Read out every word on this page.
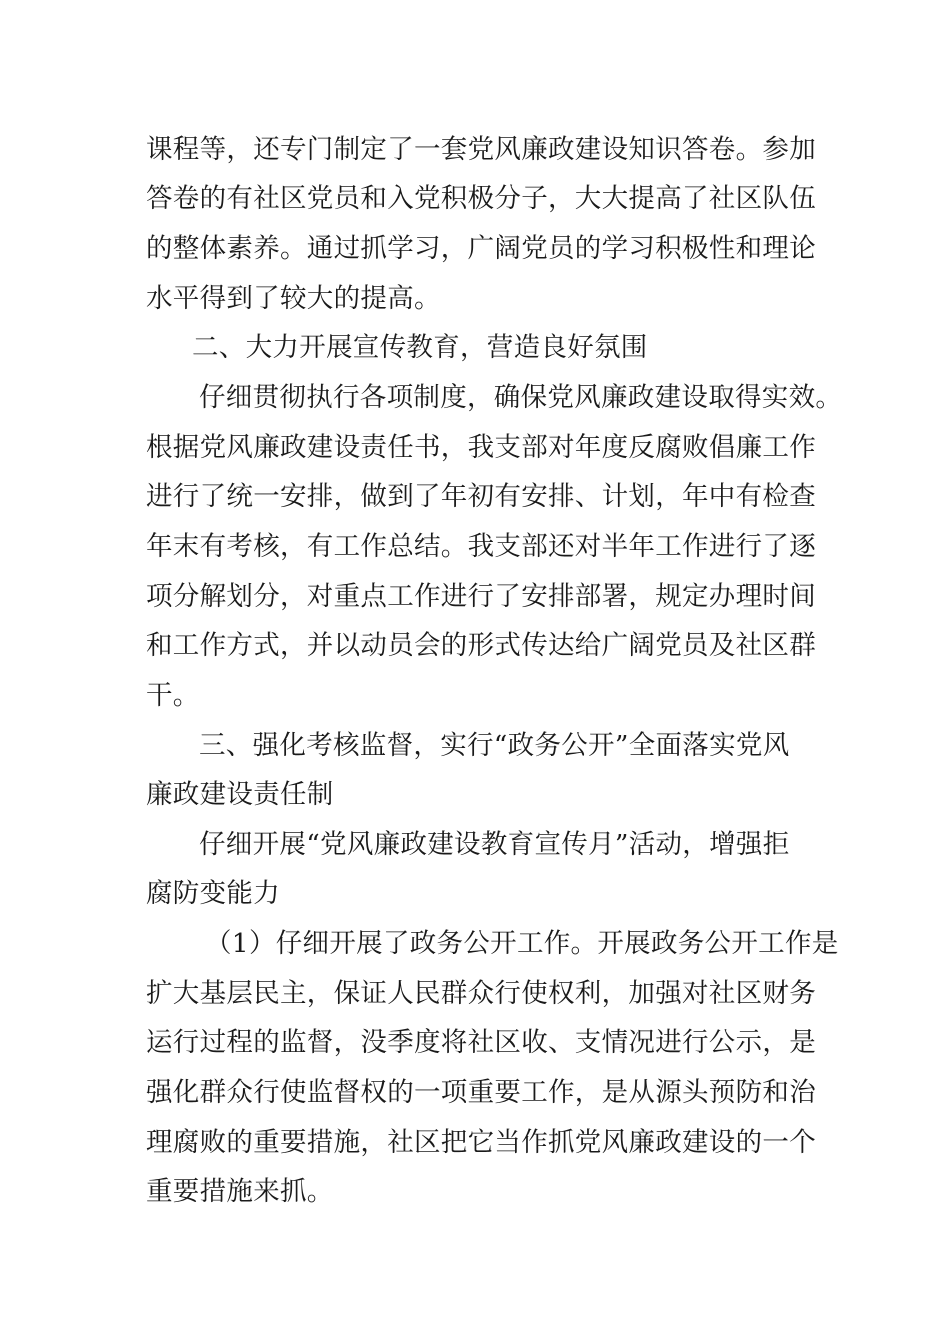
课程等，还专门制定了一套党风廉政建设知识答卷。参加

答卷的有社区党员和入党积极分子，大大提高了社区队伍

的整体素养。通过抓学习，广阔党员的学习积极性和理论

水平得到了较大的提高。

二、大力开展宣传教育，营造良好氛围

仔细贯彻执行各项制度，确保党风廉政建设取得实效。

根据党风廉政建设责任书，我支部对年度反腐败倡廉工作

进行了统一安排，做到了年初有安排、计划，年中有检查

年末有考核，有工作总结。我支部还对半年工作进行了逐

项分解划分，对重点工作进行了安排部署，规定办理时间

和工作方式，并以动员会的形式传达给广阔党员及社区群

干。

三、强化考核监督，实行“政务公开”全面落实党风

廉政建设责任制

仔细开展“党风廉政建设教育宣传月”活动，增强拒

腐防变能力

（1）仔细开展了政务公开工作。开展政务公开工作是

扩大基层民主，保证人民群众行使权利，加强对社区财务

运行过程的监督，没季度将社区收、支情况进行公示，是

强化群众行使监督权的一项重要工作，是从源头预防和治

理腐败的重要措施，社区把它当作抓党风廉政建设的一个

重要措施来抓。
